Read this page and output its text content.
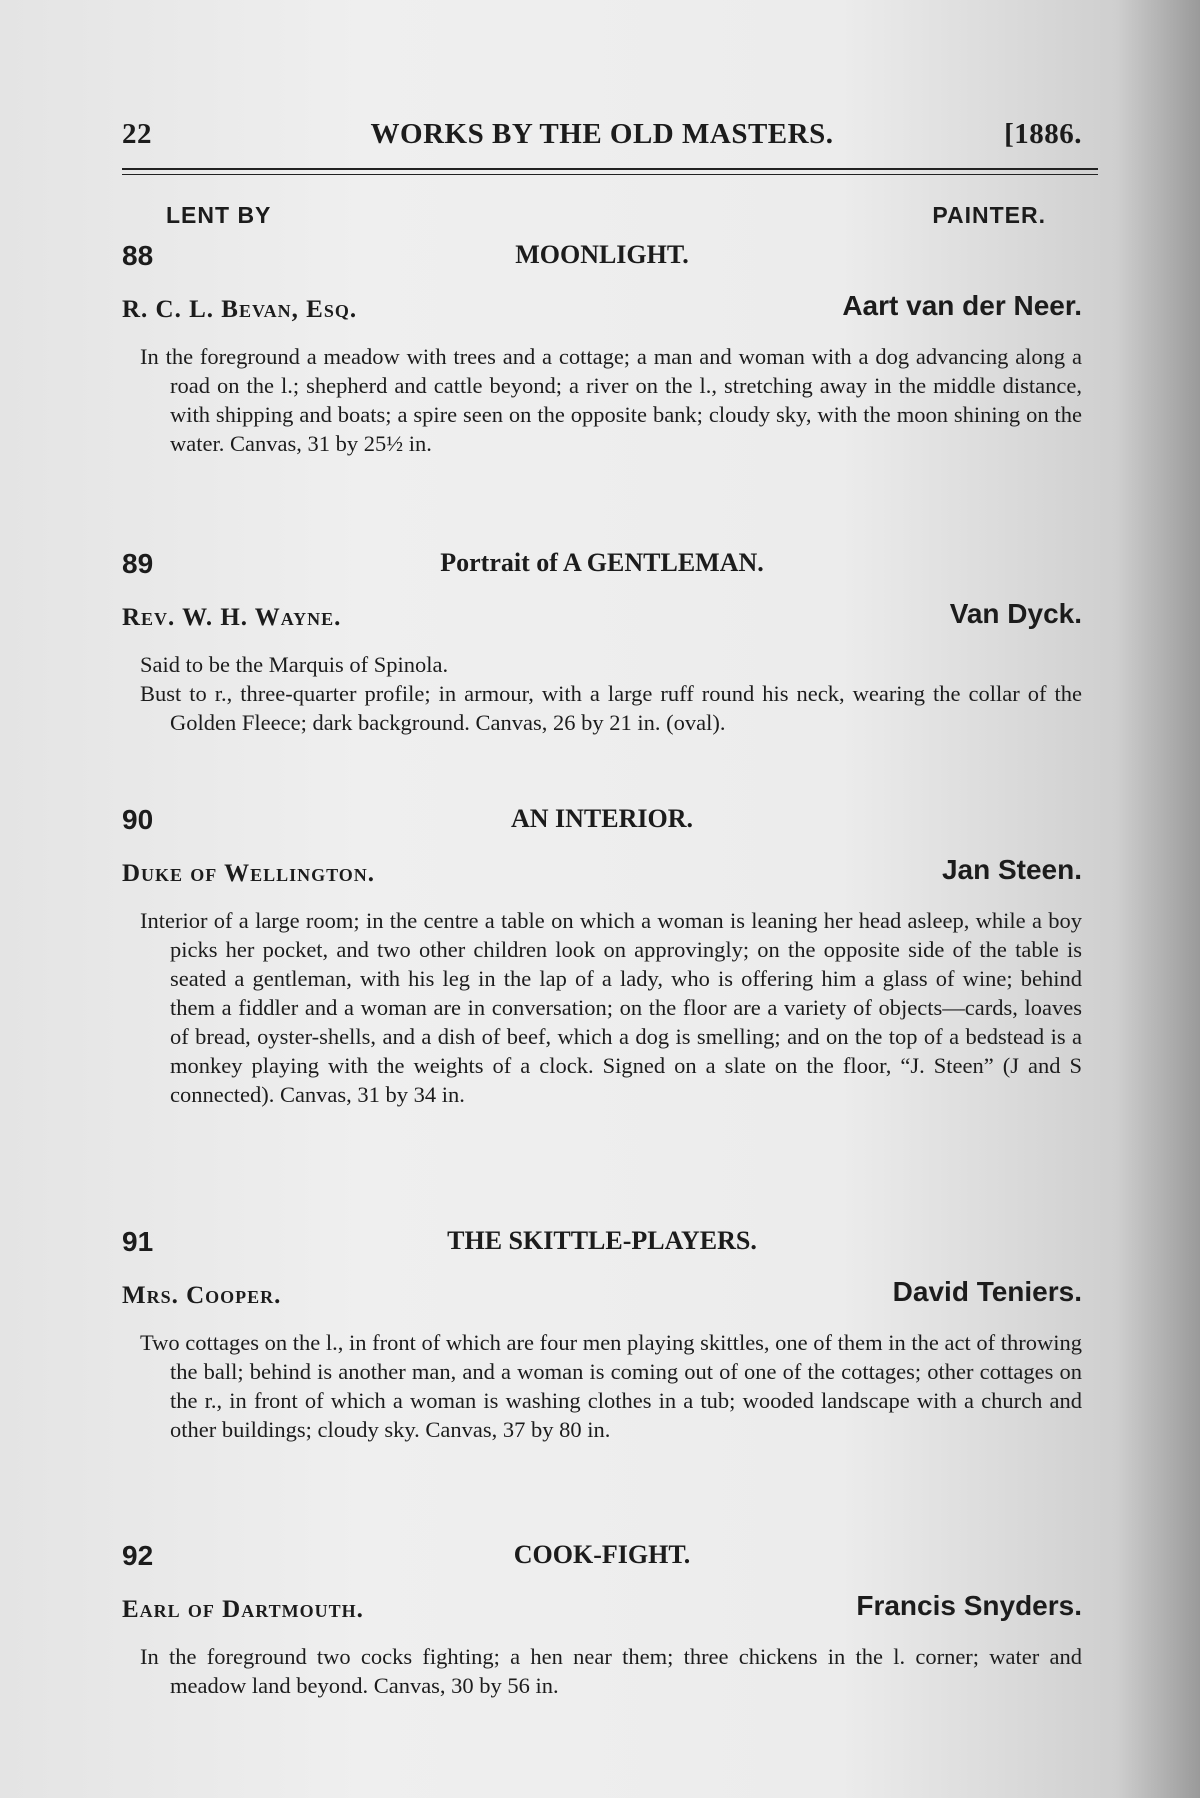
22	WORKS BY THE OLD MASTERS.	[1886.
LENT BY	PAINTER.
88	MOONLIGHT.
R. C. L. Bevan, Esq.	Aart van der Neer.

In the foreground a meadow with trees and a cottage; a man and woman with a dog advancing along a road on the l.; shepherd and cattle beyond; a river on the l., stretching away in the middle distance, with shipping and boats; a spire seen on the opposite bank; cloudy sky, with the moon shining on the water. Canvas, 31 by 25½ in.

89	Portrait of A GENTLEMAN.
Rev. W. H. Wayne.	Van Dyck.

Said to be the Marquis of Spinola.

Bust to r., three-quarter profile; in armour, with a large ruff round his neck, wearing the collar of the Golden Fleece; dark background. Canvas, 26 by 21 in. (oval).

90	AN INTERIOR.
Duke of Wellington.	Jan Steen.

Interior of a large room; in the centre a table on which a woman is leaning her head asleep, while a boy picks her pocket, and two other children look on approvingly; on the opposite side of the table is seated a gentleman, with his leg in the lap of a lady, who is offering him a glass of wine; behind them a fiddler and a woman are in conversation; on the floor are a variety of objects—cards, loaves of bread, oyster-shells, and a dish of beef, which a dog is smelling; and on the top of a bedstead is a monkey playing with the weights of a clock. Signed on a slate on the floor, “J. Steen” (J and S connected). Canvas, 31 by 34 in.

91	THE SKITTLE-PLAYERS.
Mrs. Cooper.	David Teniers.

Two cottages on the l., in front of which are four men playing skittles, one of them in the act of throwing the ball; behind is another man, and a woman is coming out of one of the cottages; other cottages on the r., in front of which a woman is washing clothes in a tub; wooded landscape with a church and other buildings; cloudy sky. Canvas, 37 by 80 in.

92	COOK-FIGHT.
Earl of Dartmouth.	Francis Snyders.

In the foreground two cocks fighting; a hen near them; three chickens in the l. corner; water and meadow land beyond. Canvas, 30 by 56 in.
